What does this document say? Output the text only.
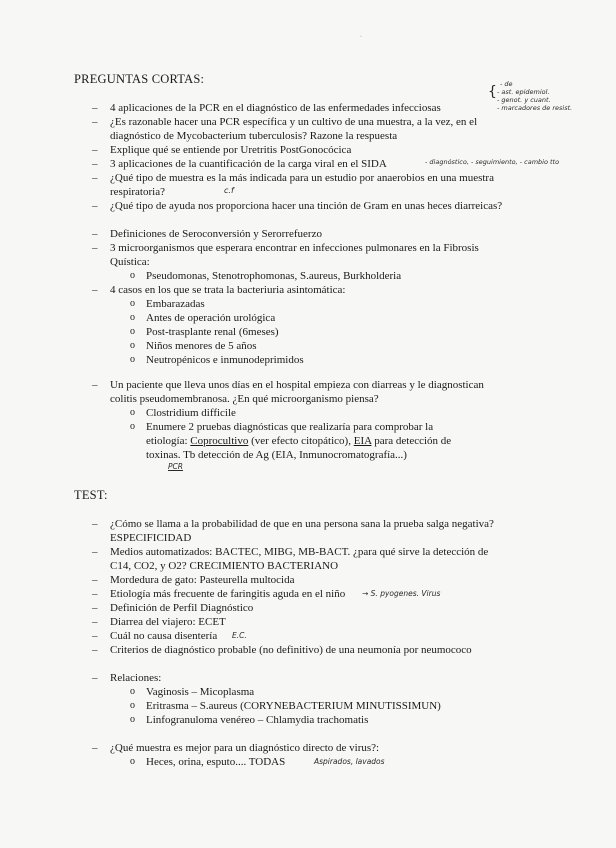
·
PREGUNTAS CORTAS:
– 4 aplicaciones de la PCR en el diagnóstico de las enfermedades infecciosas
– ¿Es razonable hacer una PCR específica y un cultivo de una muestra, a la vez, en el diagnóstico de Mycobacterium tuberculosis? Razone la respuesta
– Explique qué se entiende por Uretritis PostGonocócica
– 3 aplicaciones de la cuantificación de la carga viral en el SIDA
– ¿Qué tipo de muestra es la más indicada para un estudio por anaerobios en una muestra respiratoria?
– ¿Qué tipo de ayuda nos proporciona hacer una tinción de Gram en unas heces diarreicas?
– Definiciones de Seroconversión y Serorrefuerzo
– 3 microorganismos que esperara encontrar en infecciones pulmonares en la Fibrosis Quística:
o Pseudomonas, Stenotrophomonas, S.aureus, Burkholderia
– 4 casos en los que se trata la bacteriuria asintomática:
o Embarazadas
o Antes de operación urológica
o Post-trasplante renal (6meses)
o Niños menores de 5 años
o Neutropénicos e inmunodeprimidos
– Un paciente que lleva unos días en el hospital empieza con diarreas y le diagnostican colitis pseudomembranosa. ¿En qué microorganismo piensa?
o Clostridium difficile
o Enumere 2 pruebas diagnósticas que realizaría para comprobar la etiología: Coprocultivo (ver efecto citopático), EIA para detección de toxinas. Tb detección de Ag (EIA, Inmunocromatografía...)
TEST:
– ¿Cómo se llama a la probabilidad de que en una persona sana la prueba salga negativa? ESPECIFICIDAD
– Medios automatizados: BACTEC, MIBG, MB-BACT. ¿para qué sirve la detección de C14, CO2, y O2? CRECIMIENTO BACTERIANO
– Mordedura de gato: Pasteurella multocida
– Etiología más frecuente de faringitis aguda en el niño
– Definición de Perfil Diagnóstico
– Diarrea del viajero: ECET
– Cuál no causa disentería
– Criterios de diagnóstico probable (no definitivo) de una neumonía por neumococo
– Relaciones:
o Vaginosis – Micoplasma
o Eritrasma – S.aureus (CORYNEBACTERIUM MINUTISSIMUN)
o Linfogranuloma venéreo – Chlamydia trachomatis
– ¿Qué muestra es mejor para un diagnóstico directo de virus?:
o Heces, orina, esputo.... TODAS
{ - de
- ast. epidemiol.
- genot. y cuant.
- marcadores de resist.
- diagnóstico, - seguimiento, - cambio tto
c.f
→ S. pyogenes. Virus
E.C.
PCR
Aspirados, lavados
